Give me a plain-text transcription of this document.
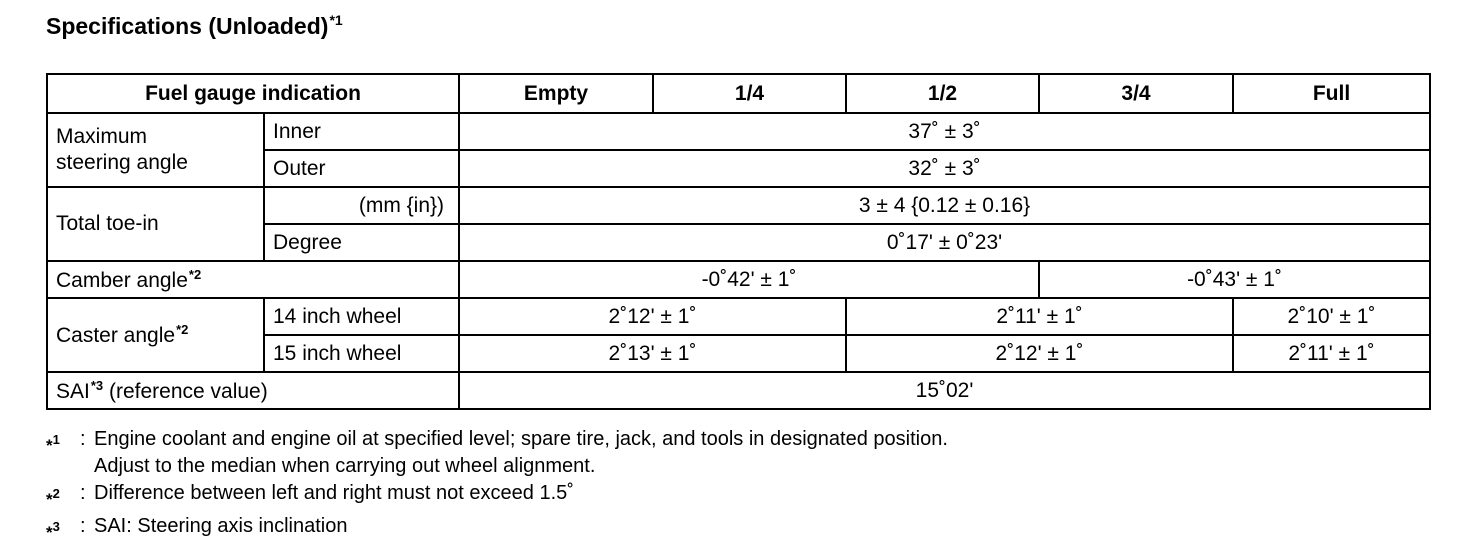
Specifications (Unloaded)$^{*1}$
Fuel gauge indication		Empty	1/4	1/2	3/4	Full

Maximum
steering angle	Inner	37˚ ± 3˚				
	Outer	32˚ ± 3˚				
Total toe-in	(mm {in})	3 ± 4 {0.12 ± 0.16}				
	Degree	0˚17' ± 0˚23'				
Camber angle$^{*2}$		-0˚42' ± 1˚			-0˚43' ± 1˚	
Caster angle$^{*2}$	14 inch wheel	2˚12' ± 1˚		2˚11' ± 1˚		2˚10' ± 1˚
	15 inch wheel	2˚13' ± 1˚		2˚12' ± 1˚		2˚11' ± 1˚
SAI$^{*3}$ (reference value)		15˚02'				
*$^1$	: Engine coolant and engine oil at specified level; spare tire, jack, and tools in designated position.
Adjust to the median when carrying out wheel alignment.
*$^2$	: Difference between left and right must not exceed 1.5˚
*$^3$	: SAI: Steering axis inclination
